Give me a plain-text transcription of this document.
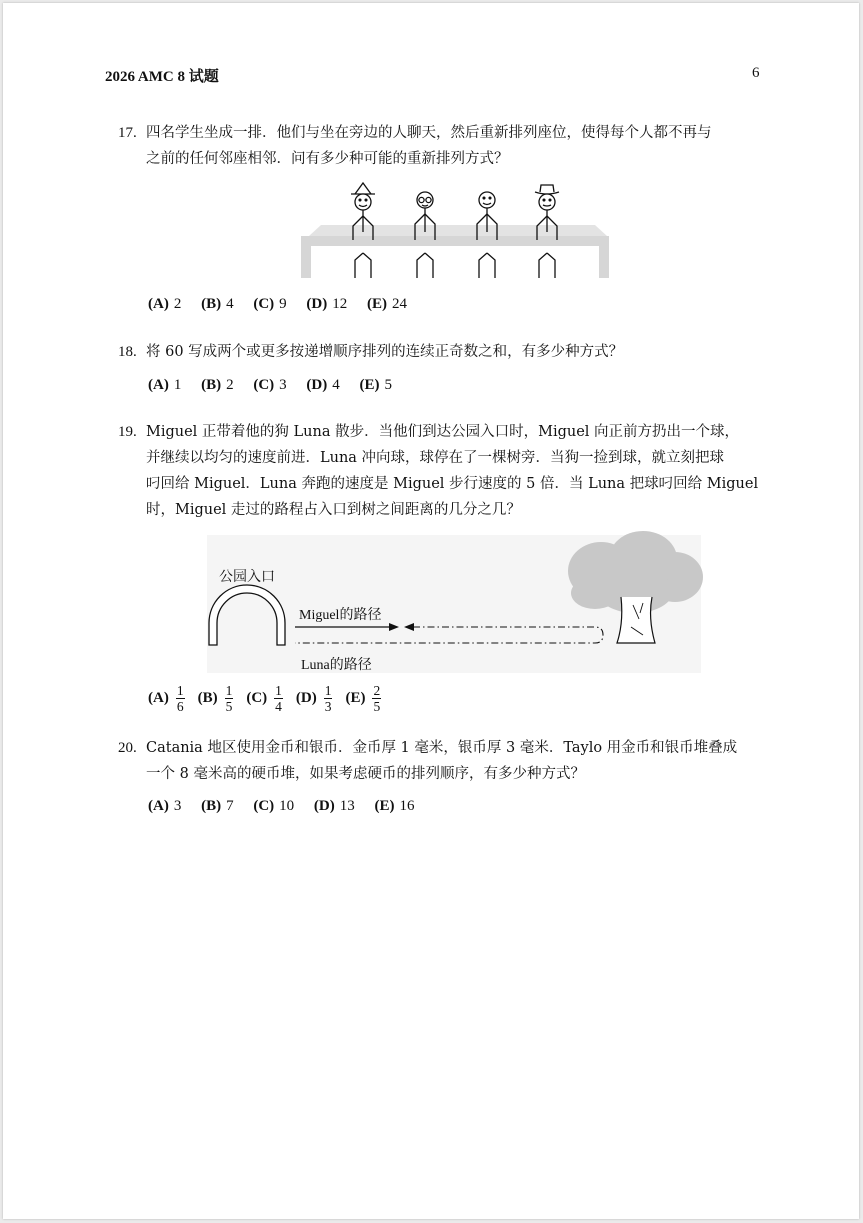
2026 AMC 8 试题	6
17. 四名学生坐成一排．他们与坐在旁边的人聊天，然后重新排列座位，使得每个人都不再与
之前的任何邻座相邻．问有多少种可能的重新排列方式？
(A) 2 (B) 4 (C) 9 (D) 12 (E) 24
18. 将 60 写成两个或更多按递增顺序排列的连续正奇数之和，有多少种方式？
(A) 1 (B) 2 (C) 3 (D) 4 (E) 5
19. Miguel 正带着他的狗 Luna 散步．当他们到达公园入口时，Miguel 向正前方扔出一个球，
并继续以均匀的速度前进．Luna 冲向球，球停在了一棵树旁．当狗一捡到球，就立刻把球
叼回给 Miguel．Luna 奔跑的速度是 Miguel 步行速度的 5 倍．当 Luna 把球叼回给 Miguel
时，Miguel 走过的路程占入口到树之间距离的几分之几？
公园入口
Miguel的路径
Luna的路径
$(A) \frac{1}{6} (B) \frac{1}{5} (C) \frac{1}{4} (D) \frac{1}{3} (E) \frac{2}{5}$
20. Catania 地区使用金币和银币．金币厚 1 毫米，银币厚 3 毫米．Taylo 用金币和银币堆叠成
一个 8 毫米高的硬币堆，如果考虑硬币的排列顺序，有多少种方式？
(A) 3 (B) 7 (C) 10 (D) 13 (E) 16
